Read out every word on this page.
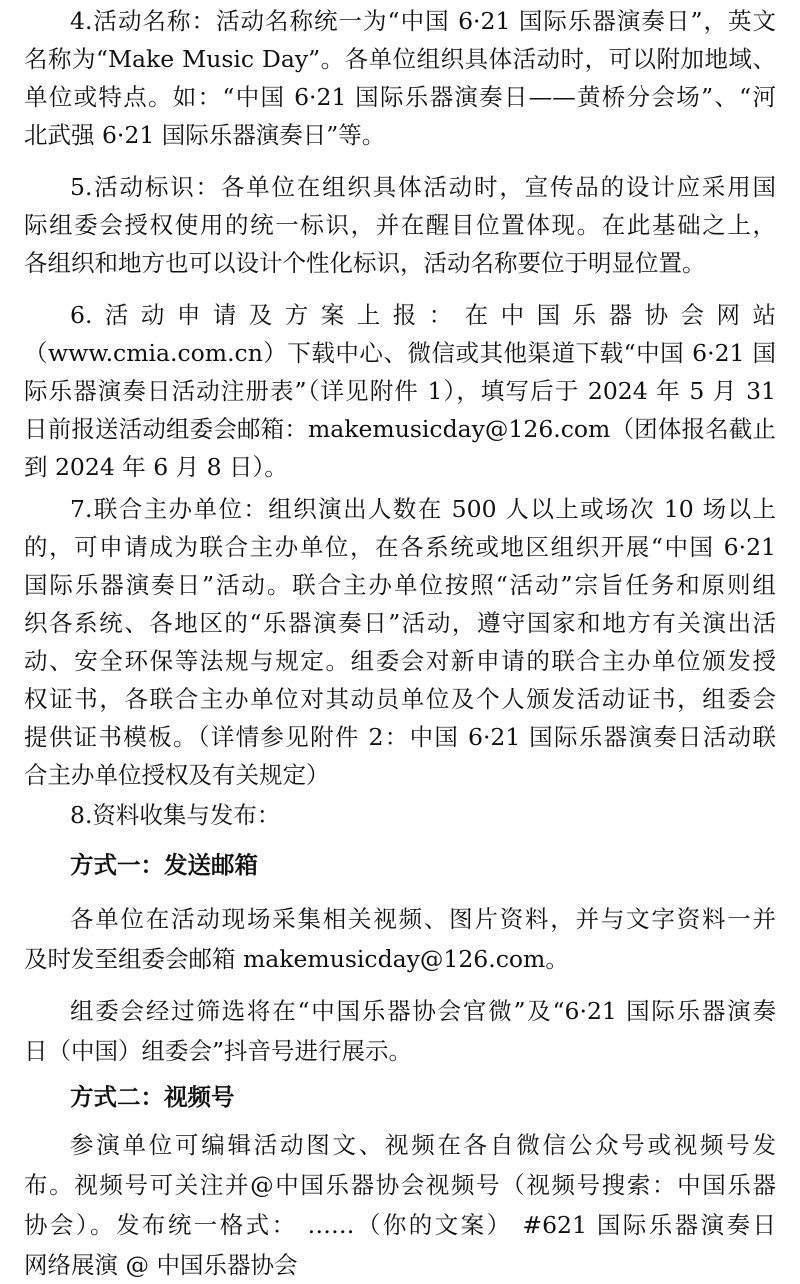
4.活动名称：活动名称统一为“中国 6·21 国际乐器演奏日”，英文
名称为“Make Music Day”。各单位组织具体活动时，可以附加地域、
单位或特点。如：“中国 6·21 国际乐器演奏日——黄桥分会场”、“河
北武强 6·21 国际乐器演奏日”等。
5.活动标识：各单位在组织具体活动时，宣传品的设计应采用国
际组委会授权使用的统一标识，并在醒目位置体现。在此基础之上，
各组织和地方也可以设计个性化标识，活动名称要位于明显位置。
6.活动申请及方案上报：在中国乐器协会网站
（www.cmia.com.cn）下载中心、微信或其他渠道下载“中国 6·21 国
际乐器演奏日活动注册表”（详见附件 1），填写后于 2024 年 5 月 31
日前报送活动组委会邮箱：makemusicday@126.com（团体报名截止
到 2024 年 6 月 8 日）。
7.联合主办单位：组织演出人数在 500 人以上或场次 10 场以上
的，可申请成为联合主办单位，在各系统或地区组织开展“中国 6·21
国际乐器演奏日”活动。联合主办单位按照“活动”宗旨任务和原则组
织各系统、各地区的“乐器演奏日”活动，遵守国家和地方有关演出活
动、安全环保等法规与规定。组委会对新申请的联合主办单位颁发授
权证书，各联合主办单位对其动员单位及个人颁发活动证书，组委会
提供证书模板。（详情参见附件 2：中国 6·21 国际乐器演奏日活动联
合主办单位授权及有关规定）
8.资料收集与发布：
方式一：发送邮箱
各单位在活动现场采集相关视频、图片资料，并与文字资料一并
及时发至组委会邮箱 makemusicday@126.com。
组委会经过筛选将在“中国乐器协会官微”及“6·21 国际乐器演奏
日（中国）组委会”抖音号进行展示。
方式二：视频号
参演单位可编辑活动图文、视频在各自微信公众号或视频号发
布。视频号可关注并@中国乐器协会视频号（视频号搜索：中国乐器
协会）。发布统一格式： ……（你的文案） #621 国际乐器演奏日
网络展演 @ 中国乐器协会
